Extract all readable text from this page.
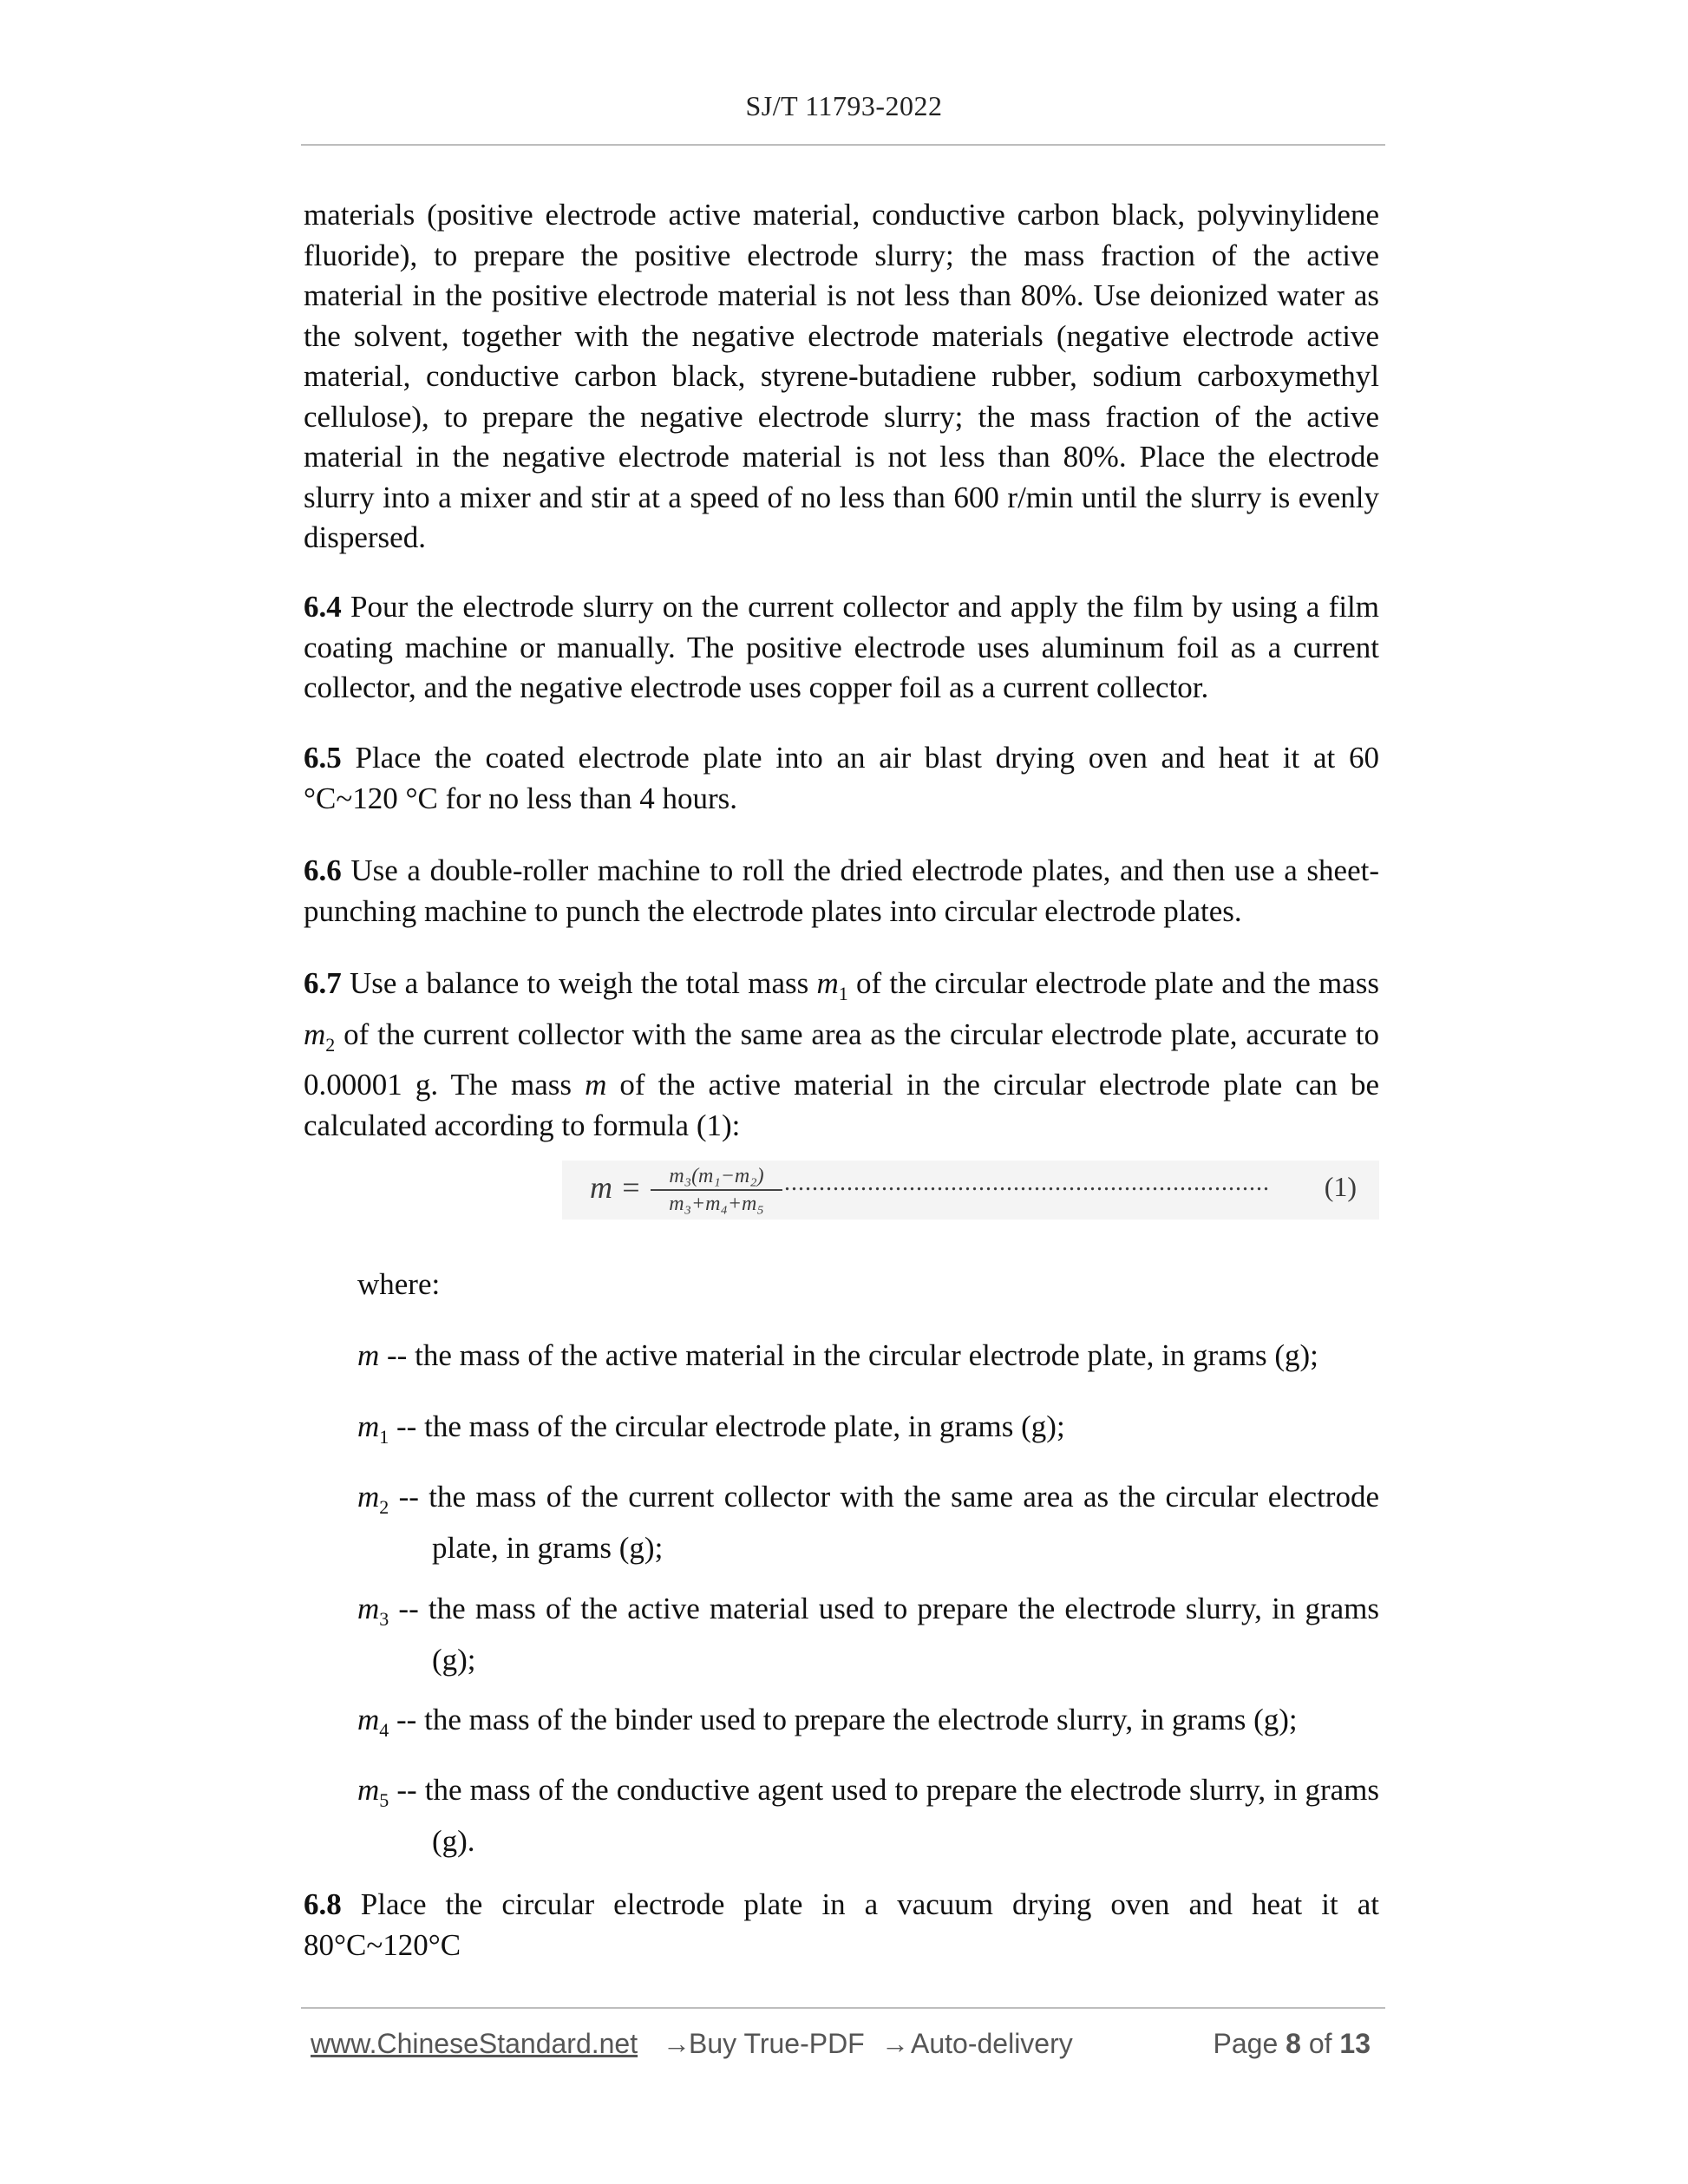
SJ/T 11793-2022

materials (positive electrode active material, conductive carbon black, polyvinylidene fluoride), to prepare the positive electrode slurry; the mass fraction of the active material in the positive electrode material is not less than 80%. Use deionized water as the solvent, together with the negative electrode materials (negative electrode active material, conductive carbon black, styrene-butadiene rubber, sodium carboxymethyl cellulose), to prepare the negative electrode slurry; the mass fraction of the active material in the negative electrode material is not less than 80%. Place the electrode slurry into a mixer and stir at a speed of no less than 600 r/min until the slurry is evenly dispersed.

6.4 Pour the electrode slurry on the current collector and apply the film by using a film coating machine or manually. The positive electrode uses aluminum foil as a current collector, and the negative electrode uses copper foil as a current collector.

6.5 Place the coated electrode plate into an air blast drying oven and heat it at 60 °C~120 °C for no less than 4 hours.

6.6 Use a double-roller machine to roll the dried electrode plates, and then use a sheet-punching machine to punch the electrode plates into circular electrode plates.

6.7 Use a balance to weigh the total mass $m_1$ of the circular electrode plate and the mass $m_2$ of the current collector with the same area as the circular electrode plate, accurate to 0.00001 g. The mass m of the active material in the circular electrode plate can be calculated according to formula (1):

m =	m₃(m₁−m₂)
m₃+m₄+m₅
......................................................................	(1)
where:
m -- the mass of the active material in the circular electrode plate, in grams (g);
$m_1$ -- the mass of the circular electrode plate, in grams (g);
$m_2$ -- the mass of the current collector with the same area as the circular electrode plate, in grams (g);
$m_3$ -- the mass of the active material used to prepare the electrode slurry, in grams (g);
$m_4$ -- the mass of the binder used to prepare the electrode slurry, in grams (g);
$m_5$ -- the mass of the conductive agent used to prepare the electrode slurry, in grams (g).

6.8 Place the circular electrode plate in a vacuum drying oven and heat it at 80°C~120°C

www.ChineseStandard.net →
Buy True-PDF → Auto-delivery	Page 8 of 13
